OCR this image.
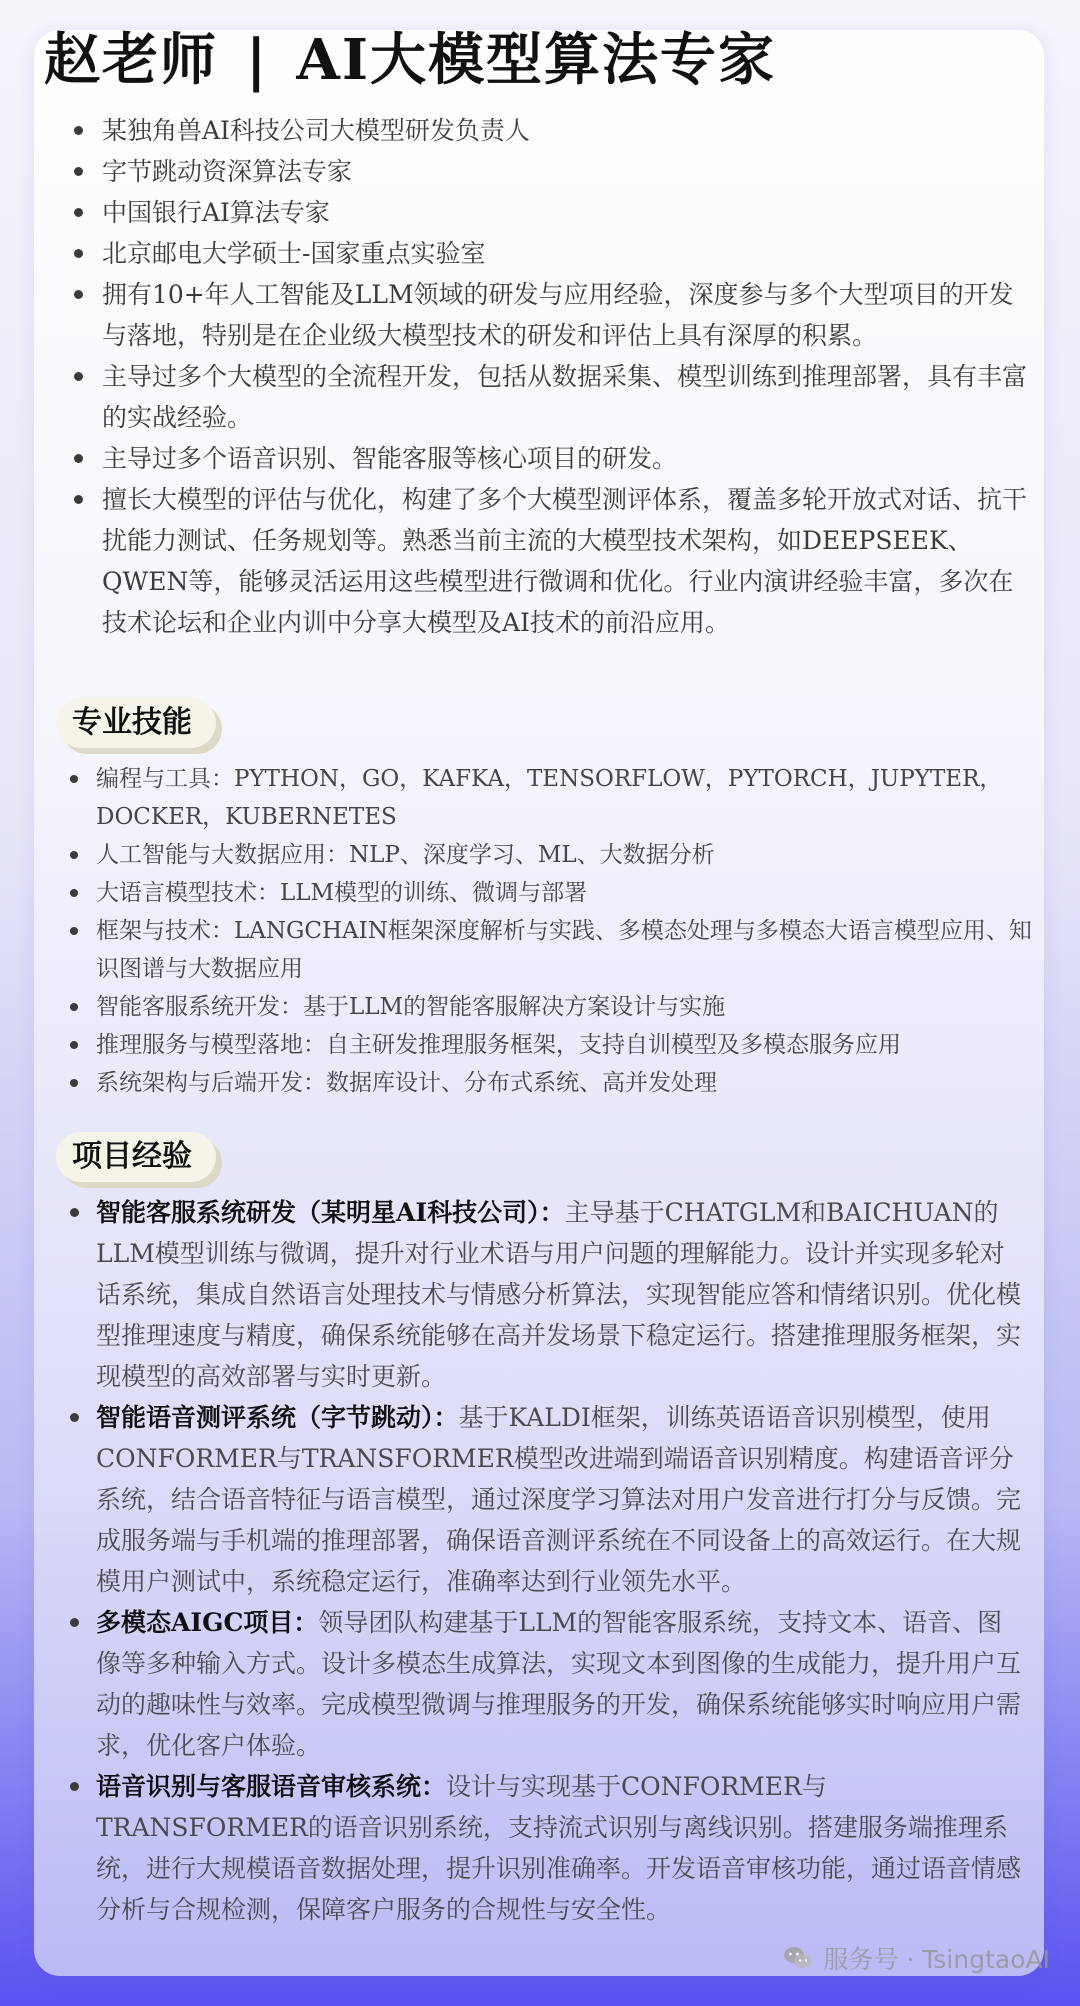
赵老师 | AI大模型算法专家
某独角兽AI科技公司大模型研发负责人
字节跳动资深算法专家
中国银行AI算法专家
北京邮电大学硕士-国家重点实验室
拥有10+年人工智能及LLM领域的研发与应用经验，深度参与多个大型项目的开发与落地，特别是在企业级大模型技术的研发和评估上具有深厚的积累。
主导过多个大模型的全流程开发，包括从数据采集、模型训练到推理部署，具有丰富的实战经验。
主导过多个语音识别、智能客服等核心项目的研发。
擅长大模型的评估与优化，构建了多个大模型测评体系，覆盖多轮开放式对话、抗干扰能力测试、任务规划等。熟悉当前主流的大模型技术架构，如DEEPSEEK、QWEN等，能够灵活运用这些模型进行微调和优化。行业内演讲经验丰富，多次在技术论坛和企业内训中分享大模型及AI技术的前沿应用。
专业技能
编程与工具：PYTHON，GO，KAFKA，TENSORFLOW，PYTORCH，JUPYTER，DOCKER，KUBERNETES
人工智能与大数据应用：NLP、深度学习、ML、大数据分析
大语言模型技术：LLM模型的训练、微调与部署
框架与技术：LANGCHAIN框架深度解析与实践、多模态处理与多模态大语言模型应用、知识图谱与大数据应用
智能客服系统开发：基于LLM的智能客服解决方案设计与实施
推理服务与模型落地：自主研发推理服务框架，支持自训模型及多模态服务应用
系统架构与后端开发：数据库设计、分布式系统、高并发处理
项目经验
智能客服系统研发（某明星AI科技公司）：主导基于CHATGLM和BAICHUAN的LLM模型训练与微调，提升对行业术语与用户问题的理解能力。设计并实现多轮对话系统，集成自然语言处理技术与情感分析算法，实现智能应答和情绪识别。优化模型推理速度与精度，确保系统能够在高并发场景下稳定运行。搭建推理服务框架，实现模型的高效部署与实时更新。
智能语音测评系统（字节跳动）：基于KALDI框架，训练英语语音识别模型，使用CONFORMER与TRANSFORMER模型改进端到端语音识别精度。构建语音评分系统，结合语音特征与语言模型，通过深度学习算法对用户发音进行打分与反馈。完成服务端与手机端的推理部署，确保语音测评系统在不同设备上的高效运行。在大规模用户测试中，系统稳定运行，准确率达到行业领先水平。
多模态AIGC项目：领导团队构建基于LLM的智能客服系统，支持文本、语音、图像等多种输入方式。设计多模态生成算法，实现文本到图像的生成能力，提升用户互动的趣味性与效率。完成模型微调与推理服务的开发，确保系统能够实时响应用户需求，优化客户体验。
语音识别与客服语音审核系统：设计与实现基于CONFORMER与TRANSFORMER的语音识别系统，支持流式识别与离线识别。搭建服务端推理系统，进行大规模语音数据处理，提升识别准确率。开发语音审核功能，通过语音情感分析与合规检测，保障客户服务的合规性与安全性。
服务号 · TsingtaoAI
